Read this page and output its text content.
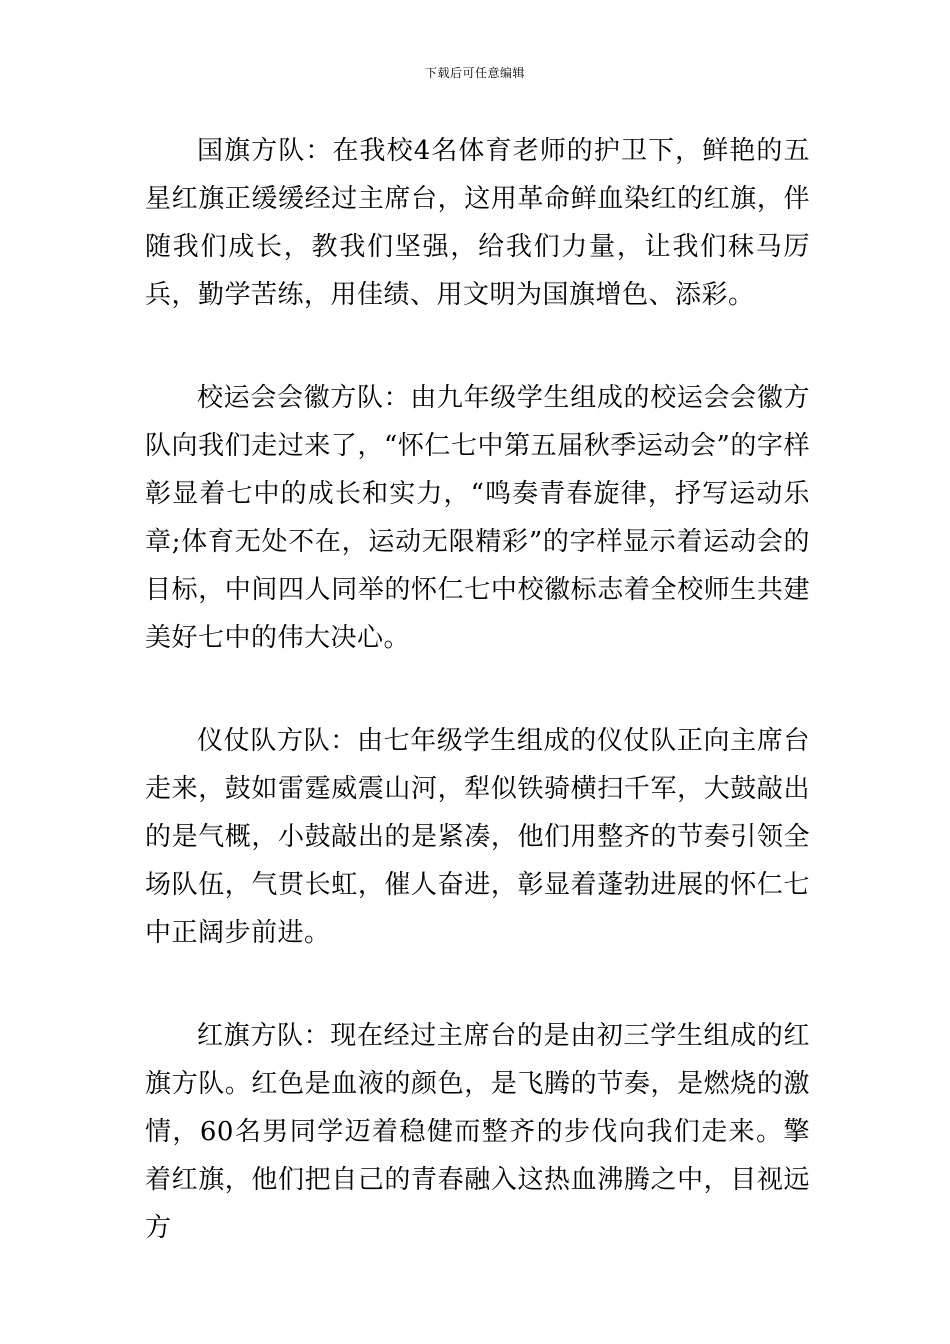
下载后可任意编辑

国旗方队：在我校4名体育老师的护卫下，鲜艳的五星红旗正缓缓经过主席台，这用革命鲜血染红的红旗，伴随我们成长，教我们坚强，给我们力量，让我们秣马厉兵，勤学苦练，用佳绩、用文明为国旗增色、添彩。

校运会会徽方队：由九年级学生组成的校运会会徽方队向我们走过来了，“怀仁七中第五届秋季运动会”的字样彰显着七中的成长和实力，“鸣奏青春旋律，抒写运动乐章;体育无处不在，运动无限精彩”的字样显示着运动会的目标，中间四人同举的怀仁七中校徽标志着全校师生共建美好七中的伟大决心。

仪仗队方队：由七年级学生组成的仪仗队正向主席台走来，鼓如雷霆威震山河，犁似铁骑横扫千军，大鼓敲出的是气概，小鼓敲出的是紧凑，他们用整齐的节奏引领全场队伍，气贯长虹，催人奋进，彰显着蓬勃进展的怀仁七中正阔步前进。

红旗方队：现在经过主席台的是由初三学生组成的红旗方队。红色是血液的颜色，是飞腾的节奏，是燃烧的激情，60名男同学迈着稳健而整齐的步伐向我们走来。擎着红旗，他们把自己的青春融入这热血沸腾之中，目视远方
